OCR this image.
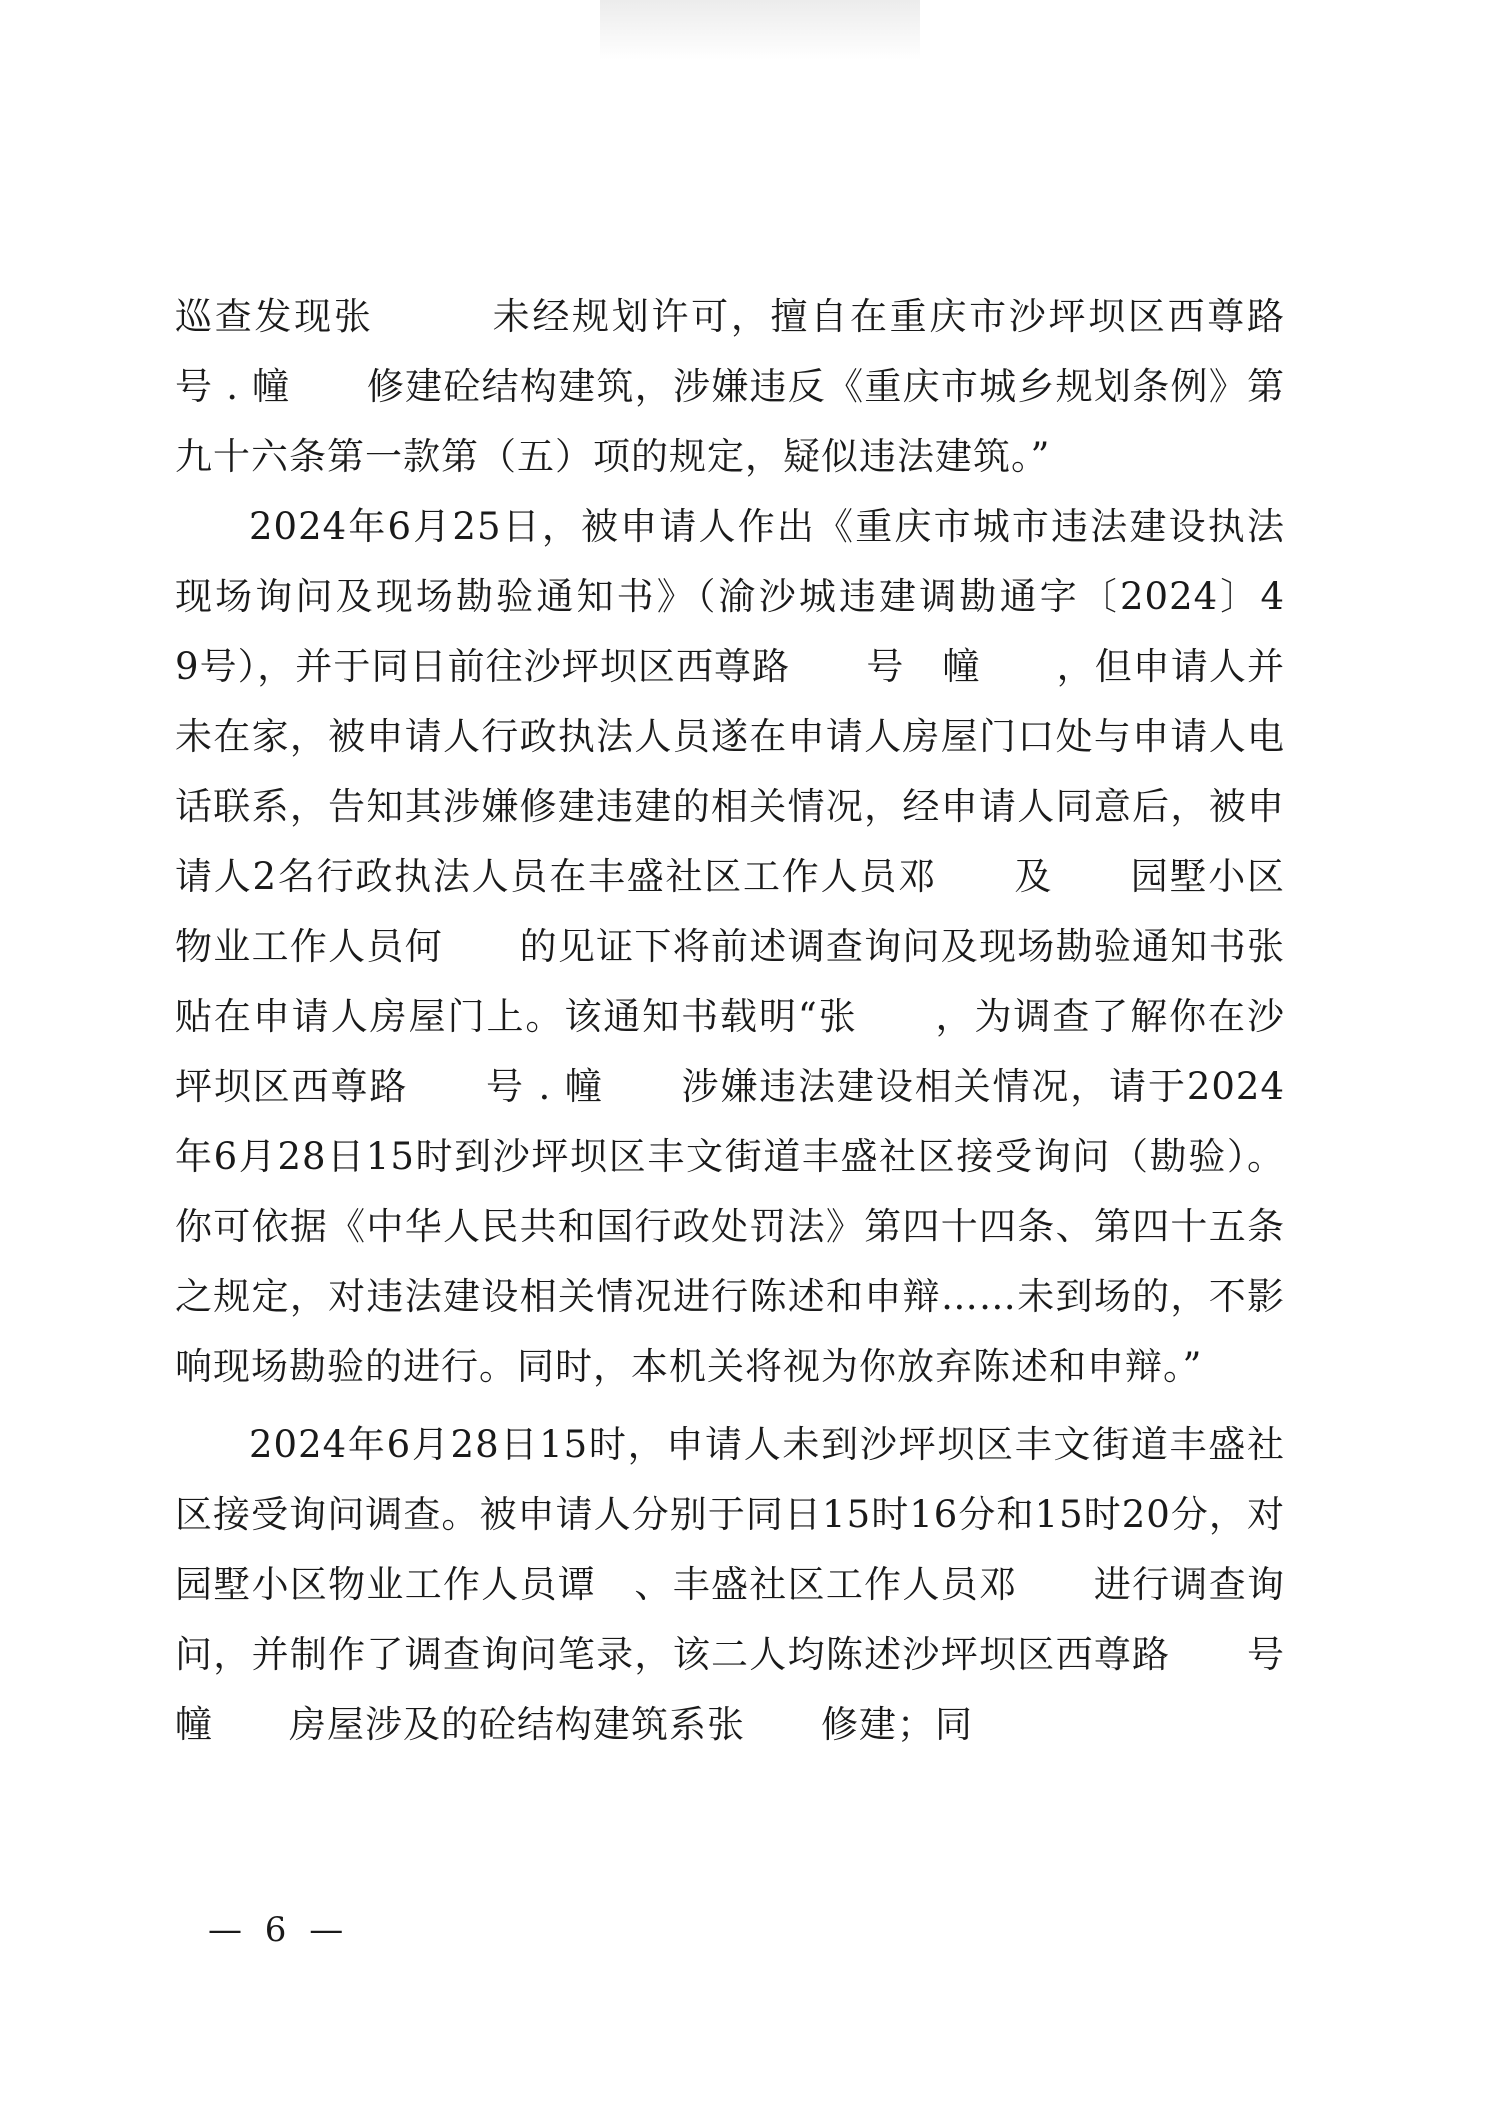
巡查发现张　　　未经规划许可，擅自在重庆市沙坪坝区西尊路　　号 . 幢　　修建砼结构建筑，涉嫌违反《重庆市城乡规划条例》第九十六条第一款第（五）项的规定，疑似违法建筑。”

2024年6月25日，被申请人作出《重庆市城市违法建设执法现场询问及现场勘验通知书》（渝沙城违建调勘通字〔2024〕4　9号），并于同日前往沙坪坝区西尊路　　号　幢　　，但申请人并未在家，被申请人行政执法人员遂在申请人房屋门口处与申请人电话联系，告知其涉嫌修建违建的相关情况，经申请人同意后，被申请人2名行政执法人员在丰盛社区工作人员邓　　及　　园墅小区物业工作人员何　　的见证下将前述调查询问及现场勘验通知书张贴在申请人房屋门上。该通知书载明“张　　，为调查了解你在沙坪坝区西尊路　　号 . 幢　　涉嫌违法建设相关情况，请于2024年6月28日15时到沙坪坝区丰文街道丰盛社区接受询问（勘验）。你可依据《中华人民共和国行政处罚法》第四十四条、第四十五条之规定，对违法建设相关情况进行陈述和申辩……未到场的，不影响现场勘验的进行。同时，本机关将视为你放弃陈述和申辩。”

2024年6月28日15时，申请人未到沙坪坝区丰文街道丰盛社区接受询问调查。被申请人分别于同日15时16分和15时20分，对　　园墅小区物业工作人员谭　、丰盛社区工作人员邓　　进行调查询问，并制作了调查询问笔录，该二人均陈述沙坪坝区西尊路　　号　幢　　房屋涉及的砼结构建筑系张　　修建；同

— 6 —
